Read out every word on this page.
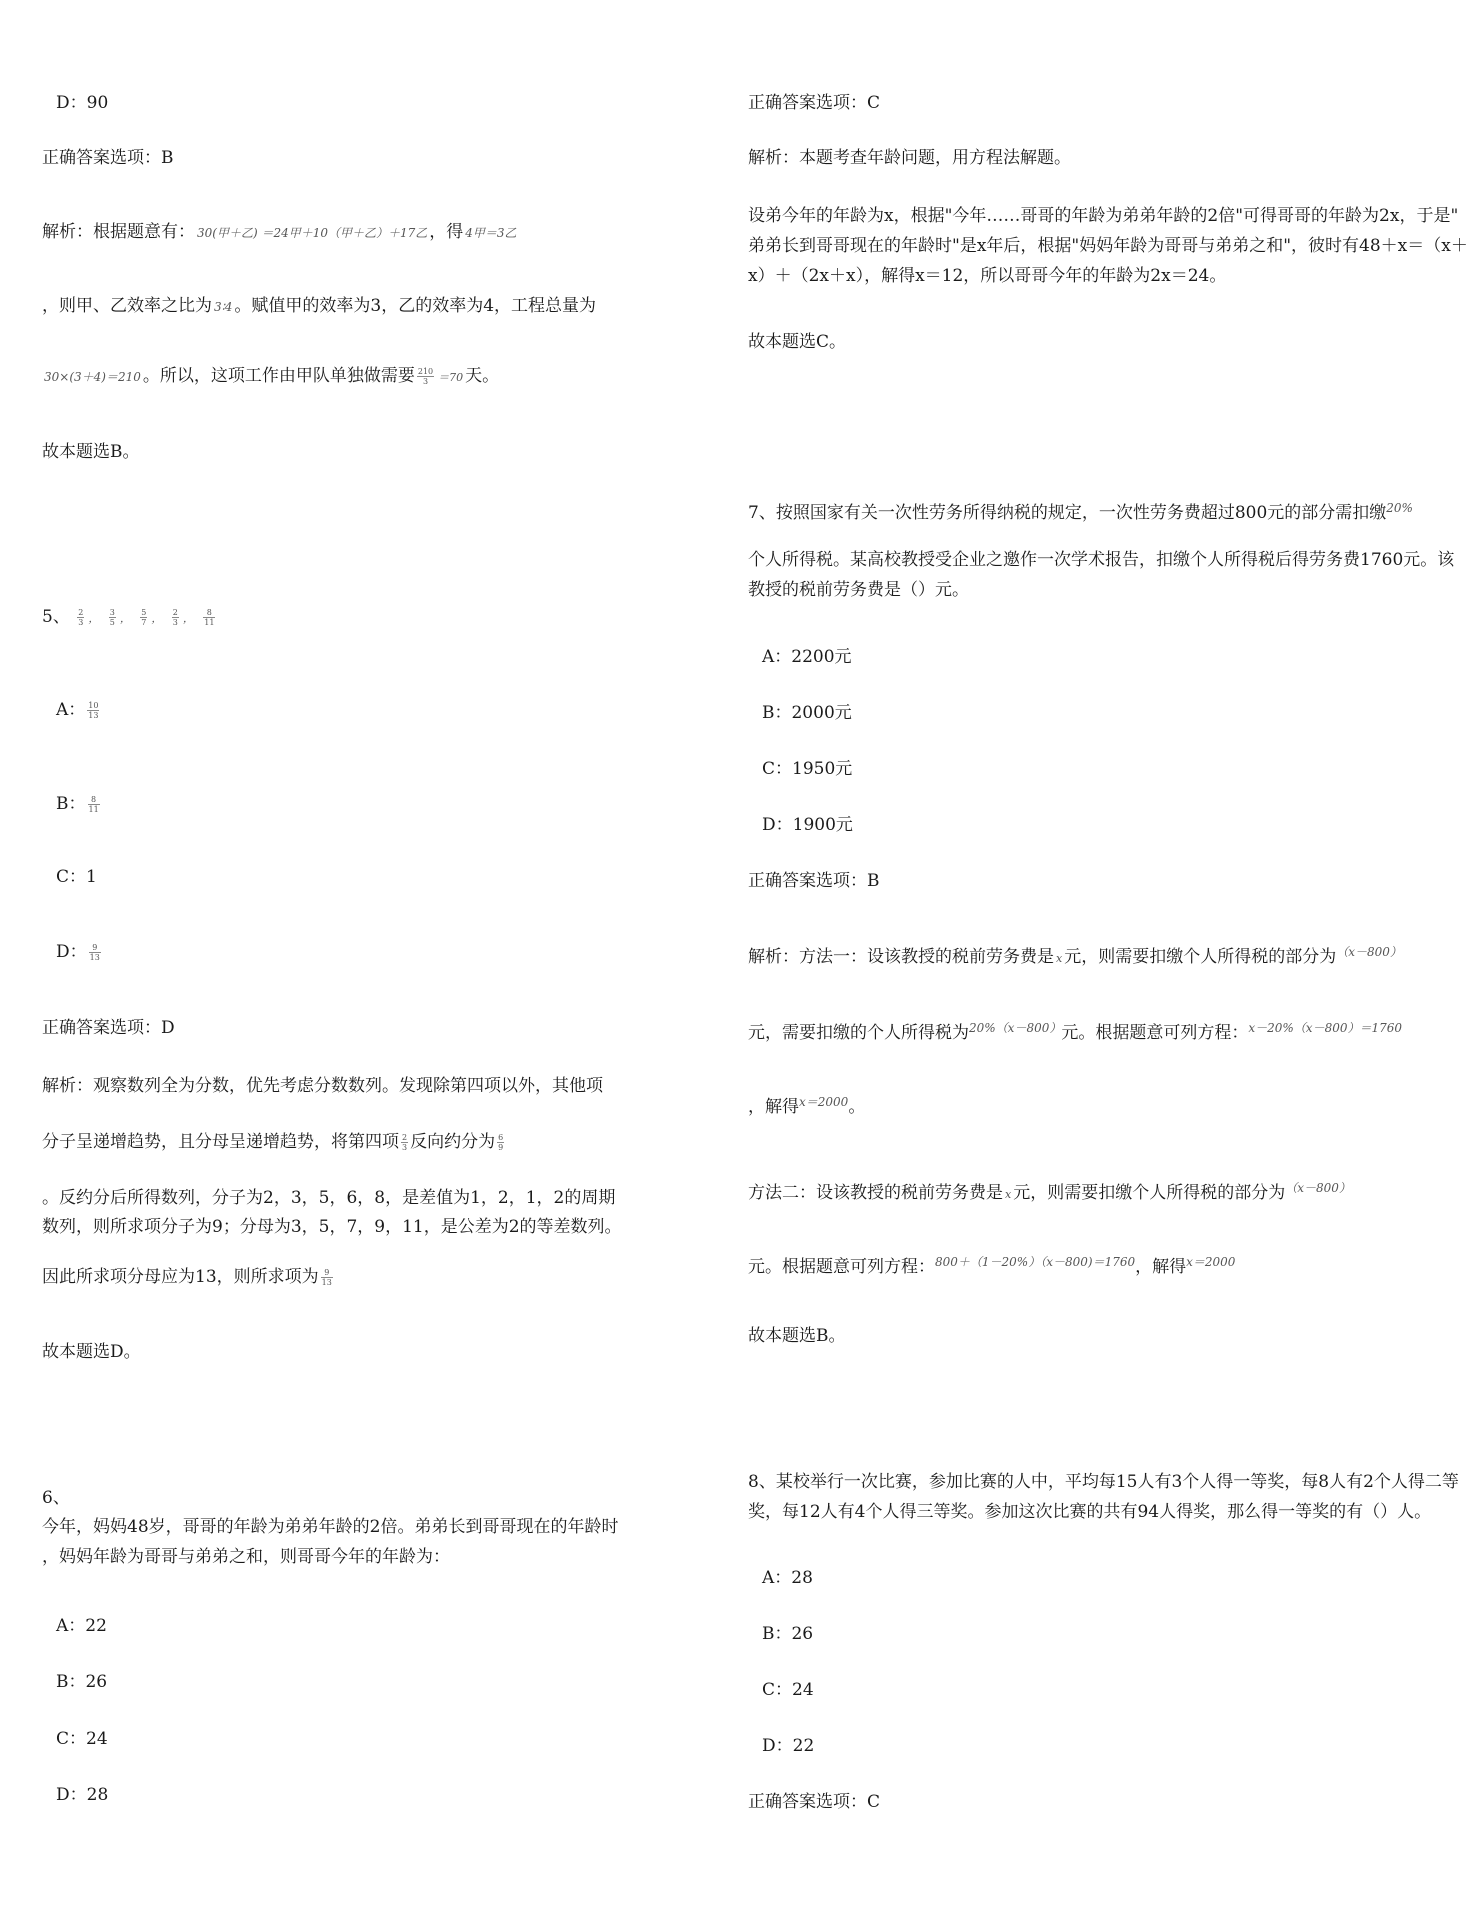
D：90
正确答案选项：B
解析：根据题意有： 30(甲＋乙) ＝24甲＋10（甲＋乙）＋17乙 ，得 4甲＝3乙
，则甲、乙效率之比为 3∶4 。赋值甲的效率为3，乙的效率为4，工程总量为
30×(3＋4)＝210 。所以，这项工作由甲队单独做需要 $\frac{210}{3} =70$ 天。
故本题选B。
5、 $\frac{2}{3}$ ， $\frac{3}{5}$ ， $\frac{5}{7}$ ， $\frac{2}{3}$ ， $\frac{8}{11}$
A： $\frac{10}{13}$
B： $\frac{8}{11}$
C：1
D： $\frac{9}{13}$
正确答案选项：D
解析：观察数列全为分数，优先考虑分数数列。发现除第四项以外，其他项
分子呈递增趋势，且分母呈递增趋势，将第四项 $\frac{2}{3}$ 反向约分为 $\frac{6}{9}$
。反约分后所得数列，分子为2，3，5，6，8，是差值为1，2，1，2的周期
数列，则所求项分子为9；分母为3，5，7，9，11，是公差为2的等差数列。
因此所求项分母应为13，则所求项为 $\frac{9}{13}$
故本题选D。
6、
今年，妈妈48岁，哥哥的年龄为弟弟年龄的2倍。弟弟长到哥哥现在的年龄时
，妈妈年龄为哥哥与弟弟之和，则哥哥今年的年龄为：
A：22
B：26
C：24
D：28
正确答案选项：C
解析：本题考查年龄问题，用方程法解题。
设弟今年的年龄为x，根据"今年……哥哥的年龄为弟弟年龄的2倍"可得哥哥的年龄为2x，于是"
弟弟长到哥哥现在的年龄时"是x年后，根据"妈妈年龄为哥哥与弟弟之和"，彼时有48＋x＝（x＋
x）＋（2x＋x），解得x＝12，所以哥哥今年的年龄为2x＝24。
故本题选C。
7、按照国家有关一次性劳务所得纳税的规定，一次性劳务费超过800元的部分需扣缴$^{20\%}$
个人所得税。某高校教授受企业之邀作一次学术报告，扣缴个人所得税后得劳务费1760元。该
教授的税前劳务费是（）元。
A：2200元
B：2000元
C：1950元
D：1900元
正确答案选项：B
解析：方法一：设该教授的税前劳务费是 x 元，则需要扣缴个人所得税的部分为$^{(x-800)}$
元，需要扣缴的个人所得税为$^{20\%(x-800)}$元。根据题意可列方程：$^{x-20\%(x-800)=1760}$
，解得$^{x=2000}$。
方法二：设该教授的税前劳务费是 x 元，则需要扣缴个人所得税的部分为$^{(x-800)}$
元。根据题意可列方程：$^{800+(1-20\%)(x-800)=1760}$，解得$^{x=2000}$
故本题选B。
8、某校举行一次比赛，参加比赛的人中，平均每15人有3个人得一等奖，每8人有2个人得二等
奖，每12人有4个人得三等奖。参加这次比赛的共有94人得奖，那么得一等奖的有（）人。
A：28
B：26
C：24
D：22
正确答案选项：C
